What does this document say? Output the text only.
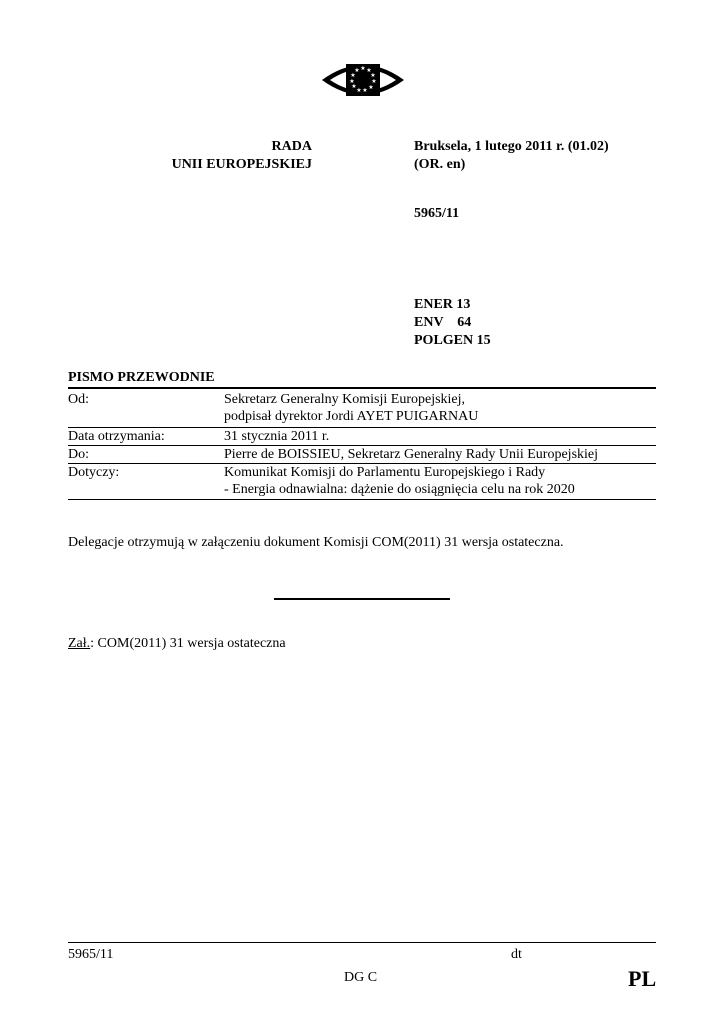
★ ★
★
★
★
★
★
★
★
★
★
RADA
UNII EUROPEJSKIEJ
Bruksela, 1 lutego 2011 r. (01.02)
(OR. en)
5965/11
ENER 13
ENV    64
POLGEN 15
PISMO PRZEWODNIE
Od:	Sekretarz Generalny Komisji Europejskiej,
podpisał dyrektor Jordi AYET PUIGARNAU
Data otrzymania:	31 stycznia 2011 r.
Do:	Pierre de BOISSIEU, Sekretarz Generalny Rady Unii Europejskiej
Dotyczy:	Komunikat Komisji do Parlamentu Europejskiego i Rady
- Energia odnawialna: dążenie do osiągnięcia celu na rok 2020
Delegacje otrzymują w załączeniu dokument Komisji COM(2011) 31 wersja ostateczna.
Zał.: COM(2011) 31 wersja ostateczna
5965/11	dt
DG C	PL
